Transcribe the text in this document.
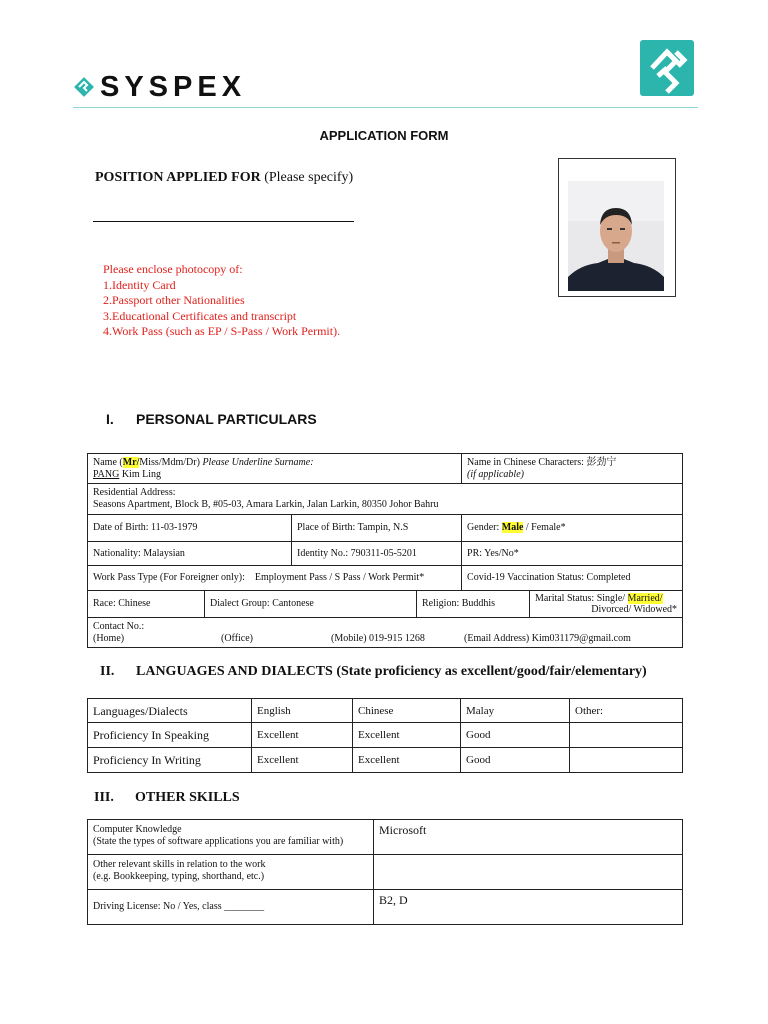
SYSPEX
APPLICATION FORM
POSITION APPLIED FOR (Please specify)
Please enclose photocopy of:
1.Identity Card
2.Passport other Nationalities
3.Educational Certificates and transcript
4.Work Pass (such as EP / S-Pass / Work Permit).
I. PERSONAL PARTICULARS
Name (Mr/Miss/Mdm/Dr) Please Underline Surname:
PANG Kim Ling				Name in Chinese Characters: 彭劲宁
(if applicable)	
Residential Address:
Seasons Apartment, Block B, #05-03, Amara Larkin, Jalan Larkin, 80350 Johor Bahru					
Date of Birth: 11-03-1979		Place of Birth: Tampin, N.S		Gender: Male / Female*	
Nationality: Malaysian		Identity No.: 790311-05-5201		PR: Yes/No*	
Work Pass Type (For Foreigner only): Employment Pass / S Pass / Work Permit*				Covid-19 Vaccination Status: Completed	
Race: Chinese	Dialect Group: Cantonese		Religion: Buddhis		Marital Status: Single/ Married/
Divorced/ Widowed*

Contact No.:
(Home) (Office) (Mobile) 019-915 1268 (Email Address) Kim031179@gmail.com					
II. LANGUAGES AND DIALECTS (State proficiency as excellent/good/fair/elementary)
Languages/Dialects	English	Chinese	Malay	Other:
Proficiency In Speaking	Excellent	Excellent	Good	
Proficiency In Writing	Excellent	Excellent	Good	
III. OTHER SKILLS
Computer Knowledge
(State the types of software applications you are familiar with)	Microsoft
Other relevant skills in relation to the work
(e.g. Bookkeeping, typing, shorthand, etc.)	
Driving License: No / Yes, class ________	B2, D
